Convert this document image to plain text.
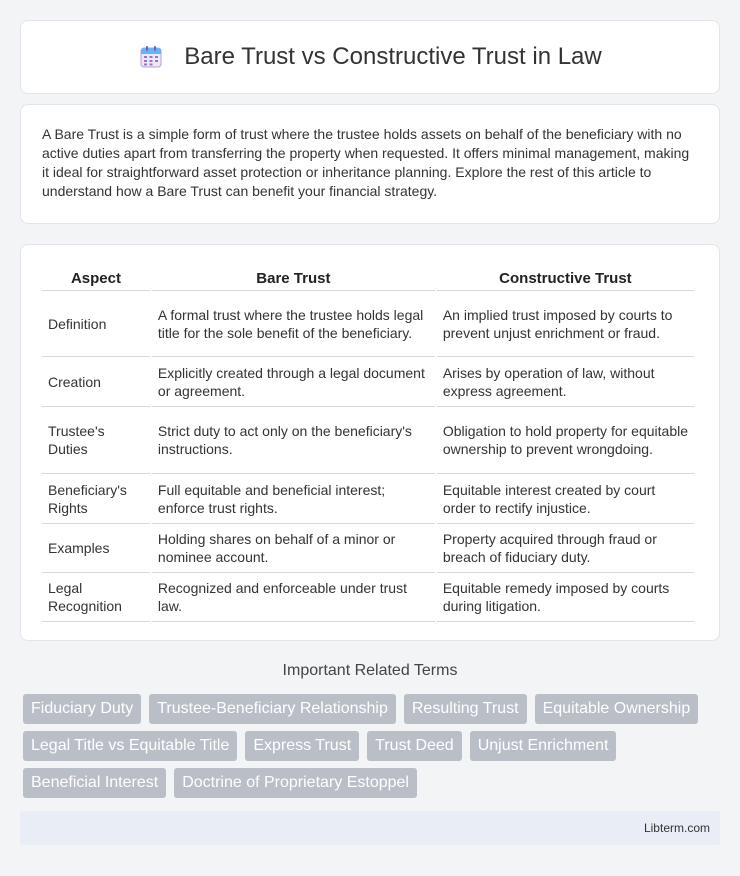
Bare Trust vs Constructive Trust in Law

A Bare Trust is a simple form of trust where the trustee holds assets on behalf of the beneficiary with no active duties apart from transferring the property when requested. It offers minimal management, making it ideal for straightforward asset protection or inheritance planning. Explore the rest of this article to understand how a Bare Trust can benefit your financial strategy.

Aspect	Bare Trust	Constructive Trust
Definition	A formal trust where the trustee holds legal title for the sole benefit of the beneficiary.	An implied trust imposed by courts to prevent unjust enrichment or fraud.
Creation	Explicitly created through a legal document or agreement.	Arises by operation of law, without express agreement.
Trustee's Duties	Strict duty to act only on the beneficiary's instructions.	Obligation to hold property for equitable ownership to prevent wrongdoing.
Beneficiary's Rights	Full equitable and beneficial interest; enforce trust rights.	Equitable interest created by court order to rectify injustice.
Examples	Holding shares on behalf of a minor or nominee account.	Property acquired through fraud or breach of fiduciary duty.
Legal Recognition	Recognized and enforceable under trust law.	Equitable remedy imposed by courts during litigation.
Important Related Terms
Fiduciary Duty	Trustee-Beneficiary Relationship	Resulting Trust	Equitable Ownership
Legal Title vs Equitable Title	Express Trust	Trust Deed	Unjust Enrichment
Beneficial Interest	Doctrine of Proprietary Estoppel
Libterm.com
